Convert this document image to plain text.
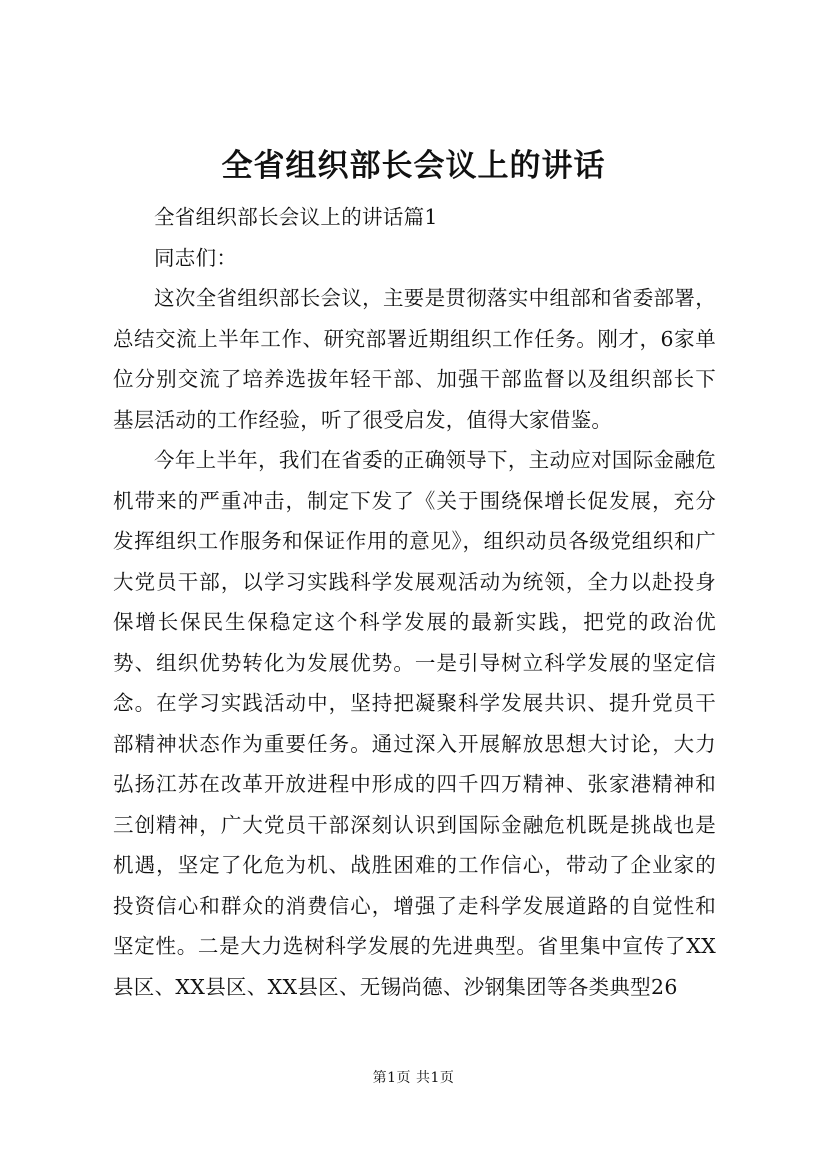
全省组织部长会议上的讲话

全省组织部长会议上的讲话篇1

同志们：

这次全省组织部长会议，主要是贯彻落实中组部和省委部署，总结交流上半年工作、研究部署近期组织工作任务。刚才，6家单位分别交流了培养选拔年轻干部、加强干部监督以及组织部长下基层活动的工作经验，听了很受启发，值得大家借鉴。

今年上半年，我们在省委的正确领导下，主动应对国际金融危机带来的严重冲击，制定下发了《关于围绕保增长促发展，充分发挥组织工作服务和保证作用的意见》，组织动员各级党组织和广大党员干部，以学习实践科学发展观活动为统领，全力以赴投身保增长保民生保稳定这个科学发展的最新实践，把党的政治优势、组织优势转化为发展优势。一是引导树立科学发展的坚定信念。在学习实践活动中，坚持把凝聚科学发展共识、提升党员干部精神状态作为重要任务。通过深入开展解放思想大讨论，大力弘扬江苏在改革开放进程中形成的四千四万精神、张家港精神和三创精神，广大党员干部深刻认识到国际金融危机既是挑战也是机遇，坚定了化危为机、战胜困难的工作信心，带动了企业家的投资信心和群众的消费信心，增强了走科学发展道路的自觉性和坚定性。二是大力选树科学发展的先进典型。省里集中宣传了XX县区、XX县区、XX县区、无锡尚德、沙钢集团等各类典型26

第1页 共1页
